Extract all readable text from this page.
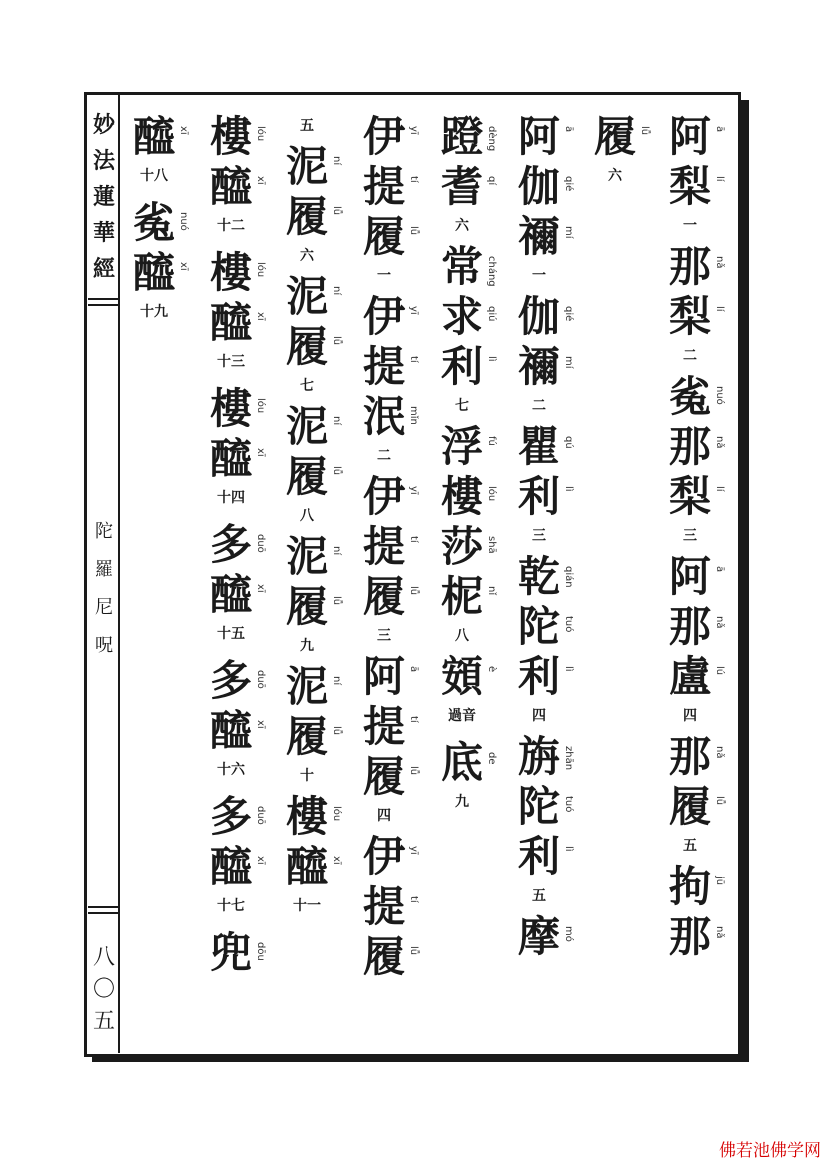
妙
法
蓮
華
經
陀
羅
尼
呪
八
〇
五
阿 ā
梨 lí
一
那 nǎ
梨 lí
二
㝹 nuó
那 nǎ
梨 lí
三
阿 ā
那 nǎ
盧 lú
四
那 nǎ
履 lǚ
五
拘 jū
那 nǎ
履 lǚ
六
阿 ā
伽 qié
禰 mí
一
伽 qié
禰 mí
二
瞿 qú
利 lì
三
乾 qián
陀 tuó
利 lì
四
旃 zhān
陀 tuó
利 lì
五
摩 mó
蹬 dèng
耆 qí
六
常 cháng
求 qiú
利 lì
七
浮 fú
樓 lóu
莎 shā
柅 nǐ
八
頞 è
過音
底 de
九
伊 yī
提 tí
履 lǚ
一
伊 yī
提 tí
泯 mǐn
二
伊 yī
提 tí
履 lǚ
三
阿 ā
提 tí
履 lǚ
四
伊 yī
提 tí
履 lǚ
五
泥 ní
履 lǚ
六
泥 ní
履 lǚ
七
泥 ní
履 lǚ
八
泥 ní
履 lǚ
九
泥 ní
履 lǚ
十
樓 lóu
醯 xī
十一
樓 lóu
醯 xī
十二
樓 lóu
醯 xī
十三
樓 lóu
醯 xī
十四
多 duō
醯 xī
十五
多 duō
醯 xī
十六
多 duō
醯 xī
十七
兜 dōu
醯 xī
十八
㝹 nuó
醯 xī
十九
佛若池佛学网
